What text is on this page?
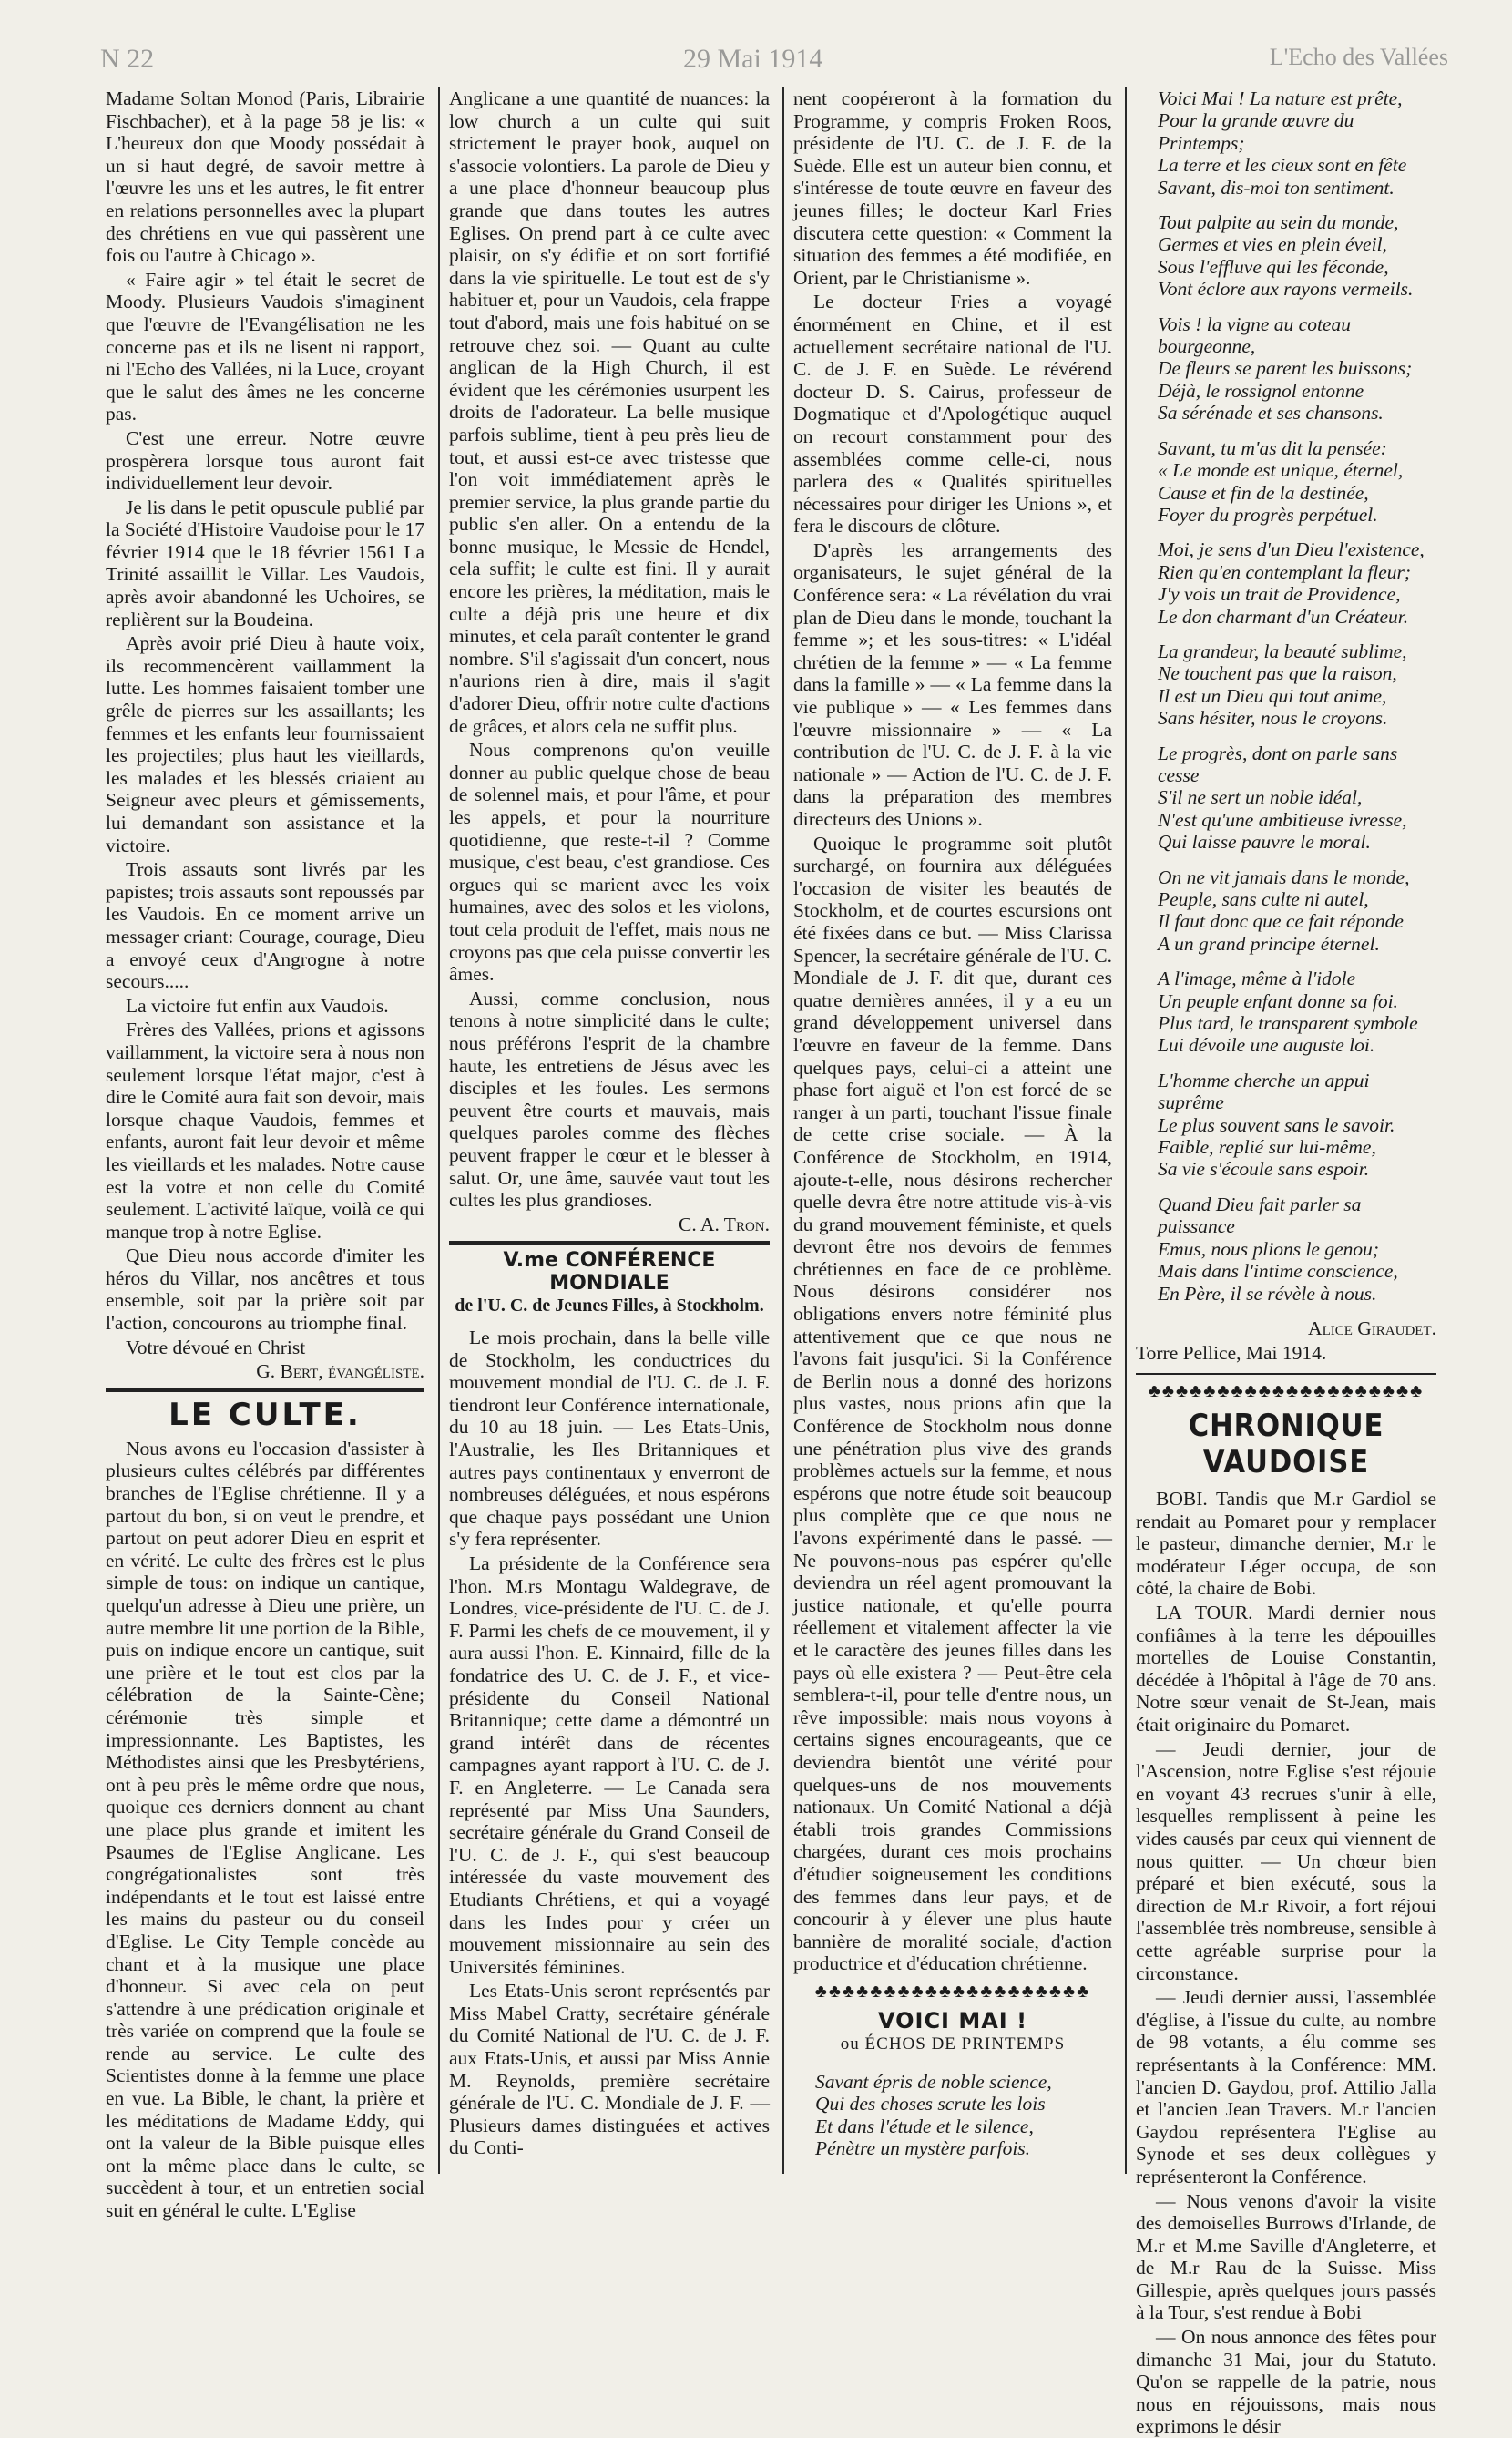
N 22	29 Mai 1914	L'Echo des Vallées

Madame Soltan Monod (Paris, Librairie Fischbacher), et à la page 58 je lis: « L'heureux don que Moody possédait à un si haut degré, de savoir mettre à l'œuvre les uns et les autres, le fit entrer en relations personnelles avec la plupart des chrétiens en vue qui passèrent une fois ou l'autre à Chicago ».

« Faire agir » tel était le secret de Moody. Plusieurs Vaudois s'imaginent que l'œuvre de l'Evangélisation ne les concerne pas et ils ne lisent ni rapport, ni l'Echo des Vallées, ni la Luce, croyant que le salut des âmes ne les concerne pas.

C'est une erreur. Notre œuvre prospèrera lorsque tous auront fait individuellement leur devoir.

Je lis dans le petit opuscule publié par la Société d'Histoire Vaudoise pour le 17 février 1914 que le 18 février 1561 La Trinité assaillit le Villar. Les Vaudois, après avoir abandonné les Uchoires, se replièrent sur la Boudeina.

Après avoir prié Dieu à haute voix, ils recommencèrent vaillamment la lutte. Les hommes faisaient tomber une grêle de pierres sur les assaillants; les femmes et les enfants leur fournissaient les projectiles; plus haut les vieillards, les malades et les blessés criaient au Seigneur avec pleurs et gémissements, lui demandant son assistance et la victoire.

Trois assauts sont livrés par les papistes; trois assauts sont repoussés par les Vaudois. En ce moment arrive un messager criant: Courage, courage, Dieu a envoyé ceux d'Angrogne à notre secours.....

La victoire fut enfin aux Vaudois.

Frères des Vallées, prions et agissons vaillamment, la victoire sera à nous non seulement lorsque l'état major, c'est à dire le Comité aura fait son devoir, mais lorsque chaque Vaudois, femmes et enfants, auront fait leur devoir et même les vieillards et les malades. Notre cause est la votre et non celle du Comité seulement. L'activité laïque, voilà ce qui manque trop à notre Eglise.

Que Dieu nous accorde d'imiter les héros du Villar, nos ancêtres et tous ensemble, soit par la prière soit par l'action, concourons au triomphe final.

Votre dévoué en Christ

G. Bert, évangéliste.

LE CULTE.

Nous avons eu l'occasion d'assister à plusieurs cultes célébrés par différentes branches de l'Eglise chrétienne. Il y a partout du bon, si on veut le prendre, et partout on peut adorer Dieu en esprit et en vérité. Le culte des frères est le plus simple de tous: on indique un cantique, quelqu'un adresse à Dieu une prière, un autre membre lit une portion de la Bible, puis on indique encore un cantique, suit une prière et le tout est clos par la célébration de la Sainte-Cène; cérémonie très simple et impressionnante. Les Baptistes, les Méthodistes ainsi que les Presbytériens, ont à peu près le même ordre que nous, quoique ces derniers donnent au chant une place plus grande et imitent les Psaumes de l'Eglise Anglicane. Les congrégationalistes sont très indépendants et le tout est laissé entre les mains du pasteur ou du conseil d'Eglise. Le City Temple concède au chant et à la musique une place d'honneur. Si avec cela on peut s'attendre à une prédication originale et très variée on comprend que la foule se rende au service. Le culte des Scientistes donne à la femme une place en vue. La Bible, le chant, la prière et les méditations de Madame Eddy, qui ont la valeur de la Bible puisque elles ont la même place dans le culte, se succèdent à tour, et un entretien social suit en général le culte. L'Eglise

Anglicane a une quantité de nuances: la low church a un culte qui suit strictement le prayer book, auquel on s'associe volontiers. La parole de Dieu y a une place d'honneur beaucoup plus grande que dans toutes les autres Eglises. On prend part à ce culte avec plaisir, on s'y édifie et on sort fortifié dans la vie spirituelle. Le tout est de s'y habituer et, pour un Vaudois, cela frappe tout d'abord, mais une fois habitué on se retrouve chez soi. — Quant au culte anglican de la High Church, il est évident que les cérémonies usurpent les droits de l'adorateur. La belle musique parfois sublime, tient à peu près lieu de tout, et aussi est-ce avec tristesse que l'on voit immédiatement après le premier service, la plus grande partie du public s'en aller. On a entendu de la bonne musique, le Messie de Hendel, cela suffit; le culte est fini. Il y aurait encore les prières, la méditation, mais le culte a déjà pris une heure et dix minutes, et cela paraît contenter le grand nombre. S'il s'agissait d'un concert, nous n'aurions rien à dire, mais il s'agit d'adorer Dieu, offrir notre culte d'actions de grâces, et alors cela ne suffit plus.

Nous comprenons qu'on veuille donner au public quelque chose de beau de solennel mais, et pour l'âme, et pour les appels, et pour la nourriture quotidienne, que reste-t-il ? Comme musique, c'est beau, c'est grandiose. Ces orgues qui se marient avec les voix humaines, avec des solos et les violons, tout cela produit de l'effet, mais nous ne croyons pas que cela puisse convertir les âmes.

Aussi, comme conclusion, nous tenons à notre simplicité dans le culte; nous préférons l'esprit de la chambre haute, les entretiens de Jésus avec les disciples et les foules. Les sermons peuvent être courts et mauvais, mais quelques paroles comme des flèches peuvent frapper le cœur et le blesser à salut. Or, une âme, sauvée vaut tout les cultes les plus grandioses.

C. A. Tron.

V.me CONFÉRENCE MONDIALE
de l'U. C. de Jeunes Filles, à Stockholm.

Le mois prochain, dans la belle ville de Stockholm, les conductrices du mouvement mondial de l'U. C. de J. F. tiendront leur Conférence internationale, du 10 au 18 juin. — Les Etats-Unis, l'Australie, les Iles Britanniques et autres pays continentaux y enverront de nombreuses déléguées, et nous espérons que chaque pays possédant une Union s'y fera représenter.

La présidente de la Conférence sera l'hon. M.rs Montagu Waldegrave, de Londres, vice-présidente de l'U. C. de J. F. Parmi les chefs de ce mouvement, il y aura aussi l'hon. E. Kinnaird, fille de la fondatrice des U. C. de J. F., et vice-présidente du Conseil National Britannique; cette dame a démontré un grand intérêt dans de récentes campagnes ayant rapport à l'U. C. de J. F. en Angleterre. — Le Canada sera représenté par Miss Una Saunders, secrétaire générale du Grand Conseil de l'U. C. de J. F., qui s'est beaucoup intéressée du vaste mouvement des Etudiants Chrétiens, et qui a voyagé dans les Indes pour y créer un mouvement missionnaire au sein des Universités féminines.

Les Etats-Unis seront représentés par Miss Mabel Cratty, secrétaire générale du Comité National de l'U. C. de J. F. aux Etats-Unis, et aussi par Miss Annie M. Reynolds, première secrétaire générale de l'U. C. Mondiale de J. F. — Plusieurs dames distinguées et actives du Conti-

nent coopéreront à la formation du Programme, y compris Froken Roos, présidente de l'U. C. de J. F. de la Suède. Elle est un auteur bien connu, et s'intéresse de toute œuvre en faveur des jeunes filles; le docteur Karl Fries discutera cette question: « Comment la situation des femmes a été modifiée, en Orient, par le Christianisme ».

Le docteur Fries a voyagé énormément en Chine, et il est actuellement secrétaire national de l'U. C. de J. F. en Suède. Le révérend docteur D. S. Cairus, professeur de Dogmatique et d'Apologétique auquel on recourt constamment pour des assemblées comme celle-ci, nous parlera des « Qualités spirituelles nécessaires pour diriger les Unions », et fera le discours de clôture.

D'après les arrangements des organisateurs, le sujet général de la Conférence sera: « La révélation du vrai plan de Dieu dans le monde, touchant la femme »; et les sous-titres: « L'idéal chrétien de la femme » — « La femme dans la famille » — « La femme dans la vie publique » — « Les femmes dans l'œuvre missionnaire » — « La contribution de l'U. C. de J. F. à la vie nationale » — Action de l'U. C. de J. F. dans la préparation des membres directeurs des Unions ».

Quoique le programme soit plutôt surchargé, on fournira aux déléguées l'occasion de visiter les beautés de Stockholm, et de courtes escursions ont été fixées dans ce but. — Miss Clarissa Spencer, la secrétaire générale de l'U. C. Mondiale de J. F. dit que, durant ces quatre dernières années, il y a eu un grand développement universel dans l'œuvre en faveur de la femme. Dans quelques pays, celui-ci a atteint une phase fort aiguë et l'on est forcé de se ranger à un parti, touchant l'issue finale de cette crise sociale. — À la Conférence de Stockholm, en 1914, ajoute-t-elle, nous désirons rechercher quelle devra être notre attitude vis-à-vis du grand mouvement féministe, et quels devront être nos devoirs de femmes chrétiennes en face de ce problème. Nous désirons considérer nos obligations envers notre féminité plus attentivement que ce que nous ne l'avons fait jusqu'ici. Si la Conférence de Berlin nous a donné des horizons plus vastes, nous prions afin que la Conférence de Stockholm nous donne une pénétration plus vive des grands problèmes actuels sur la femme, et nous espérons que notre étude soit beaucoup plus complète que ce que nous ne l'avons expérimenté dans le passé. — Ne pouvons-nous pas espérer qu'elle deviendra un réel agent promouvant la justice nationale, et qu'elle pourra réellement et vitalement affecter la vie et le caractère des jeunes filles dans les pays où elle existera ? — Peut-être cela semblera-t-il, pour telle d'entre nous, un rêve impossible: mais nous voyons à certains signes encourageants, que ce deviendra bientôt une vérité pour quelques-uns de nos mouvements nationaux. Un Comité National a déjà établi trois grandes Commissions chargées, durant ces mois prochains d'étudier soigneusement les conditions des femmes dans leur pays, et de concourir à y élever une plus haute bannière de moralité sociale, d'action productrice et d'éducation chrétienne.

♣♣♣♣♣♣♣♣♣♣♣♣♣♣♣♣♣♣♣♣
VOICI MAI !
ou ÉCHOS DE PRINTEMPS
Savant épris de noble science,
Qui des choses scrute les lois
Et dans l'étude et le silence,
Pénètre un mystère parfois.
Voici Mai ! La nature est prête,
Pour la grande œuvre du Printemps;
La terre et les cieux sont en fête
Savant, dis-moi ton sentiment.
Tout palpite au sein du monde,
Germes et vies en plein éveil,
Sous l'effluve qui les féconde,
Vont éclore aux rayons vermeils.
Vois ! la vigne au coteau bourgeonne,
De fleurs se parent les buissons;
Déjà, le rossignol entonne
Sa sérénade et ses chansons.
Savant, tu m'as dit la pensée:
« Le monde est unique, éternel,
Cause et fin de la destinée,
Foyer du progrès perpétuel.
Moi, je sens d'un Dieu l'existence,
Rien qu'en contemplant la fleur;
J'y vois un trait de Providence,
Le don charmant d'un Créateur.
La grandeur, la beauté sublime,
Ne touchent pas que la raison,
Il est un Dieu qui tout anime,
Sans hésiter, nous le croyons.
Le progrès, dont on parle sans cesse
S'il ne sert un noble idéal,
N'est qu'une ambitieuse ivresse,
Qui laisse pauvre le moral.
On ne vit jamais dans le monde,
Peuple, sans culte ni autel,
Il faut donc que ce fait réponde
A un grand principe éternel.
A l'image, même à l'idole
Un peuple enfant donne sa foi.
Plus tard, le transparent symbole
Lui dévoile une auguste loi.
L'homme cherche un appui suprême
Le plus souvent sans le savoir.
Faible, replié sur lui-même,
Sa vie s'écoule sans espoir.
Quand Dieu fait parler sa puissance
Emus, nous plions le genou;
Mais dans l'intime conscience,
En Père, il se révèle à nous.

Alice Giraudet.

Torre Pellice, Mai 1914.

♣♣♣♣♣♣♣♣♣♣♣♣♣♣♣♣♣♣♣♣
CHRONIQUE VAUDOISE

BOBI. Tandis que M.r Gardiol se rendait au Pomaret pour y remplacer le pasteur, dimanche dernier, M.r le modérateur Léger occupa, de son côté, la chaire de Bobi.

LA TOUR. Mardi dernier nous confiâmes à la terre les dépouilles mortelles de Louise Constantin, décédée à l'hôpital à l'âge de 70 ans. Notre sœur venait de St-Jean, mais était originaire du Pomaret.

— Jeudi dernier, jour de l'Ascension, notre Eglise s'est réjouie en voyant 43 recrues s'unir à elle, lesquelles remplissent à peine les vides causés par ceux qui viennent de nous quitter. — Un chœur bien préparé et bien exécuté, sous la direction de M.r Rivoir, a fort réjoui l'assemblée très nombreuse, sensible à cette agréable surprise pour la circonstance.

— Jeudi dernier aussi, l'assemblée d'église, à l'issue du culte, au nombre de 98 votants, a élu comme ses représentants à la Conférence: MM. l'ancien D. Gaydou, prof. Attilio Jalla et l'ancien Jean Travers. M.r l'ancien Gaydou représentera l'Eglise au Synode et ses deux collègues y représenteront la Conférence.

— Nous venons d'avoir la visite des demoiselles Burrows d'Irlande, de M.r et M.me Saville d'Angleterre, et de M.r Rau de la Suisse. Miss Gillespie, après quelques jours passés à la Tour, s'est rendue à Bobi

— On nous annonce des fêtes pour dimanche 31 Mai, jour du Statuto. Qu'on se rappelle de la patrie, nous nous en réjouissons, mais nous exprimons le désir
